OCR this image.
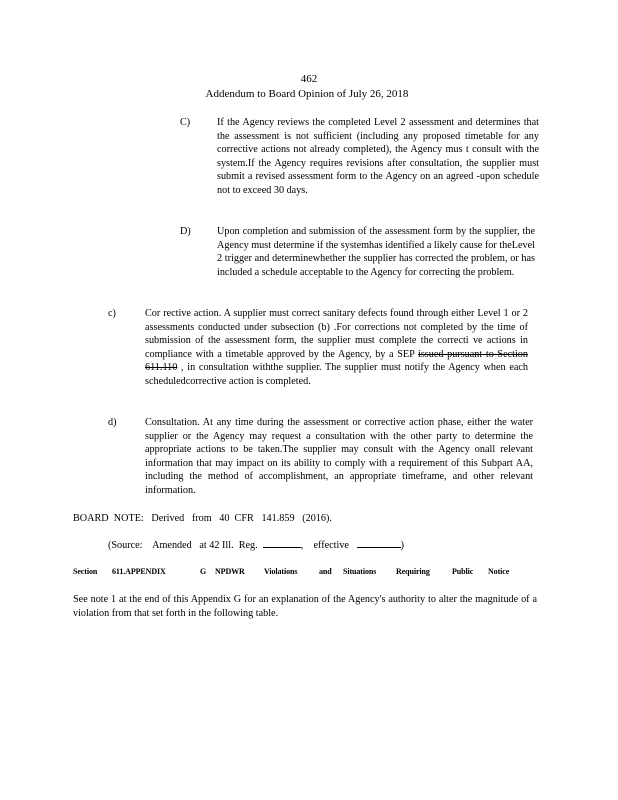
462
Addendum to Board Opinion of July 26, 2018
C)	If the Agency reviews the completed Level 2 assessment and determines that the assessment is not sufficient (including any proposed timetable for any corrective actions not already completed), the Agency mus t consult with the system.If the Agency requires revisions after consultation, the supplier must submit a revised assessment form to the Agency on an agreed -upon schedule not to exceed 30 days.
D)	Upon completion and submission of the assessment form by the supplier, the Agency must determine if the systemhas identified a likely cause for theLevel 2 trigger and determinewhether the supplier has corrected the problem, or has included a schedule acceptable to the Agency for correcting the problem.
c)	Cor rective action. A supplier must correct sanitary defects found through either Level 1 or 2 assessments conducted under subsection (b) .For corrections not completed by the time of submission of the assessment form, the supplier must complete the correcti ve actions in compliance with a timetable approved by the Agency, by a SEP issued pursuant to Section 611.110 , in consultation withthe supplier. The supplier must notify the Agency when each scheduledcorrective action is completed.
d)	Consultation. At any time during the assessment or corrective action phase, either the water supplier or the Agency may request a consultation with the other party to determine the appropriate actions to be taken.The supplier may consult with the Agency onall relevant information that may impact on its ability to comply with a requirement of this Subpart AA, including the method of accomplishment, an appropriate timeframe, and other relevant information.
BOARD  NOTE:   Derived   from   40  CFR   141.859   (2016).
(Source:    Amended   at 42 Ill.  Reg.	, effective	)
Section 611.APPENDIX	G NPDWR Violations	and Situations Requiring	Public Notice
See note 1 at the end of this Appendix G for an explanation of the Agency's authority to alter the magnitude of a violation from that set forth in the following table.
